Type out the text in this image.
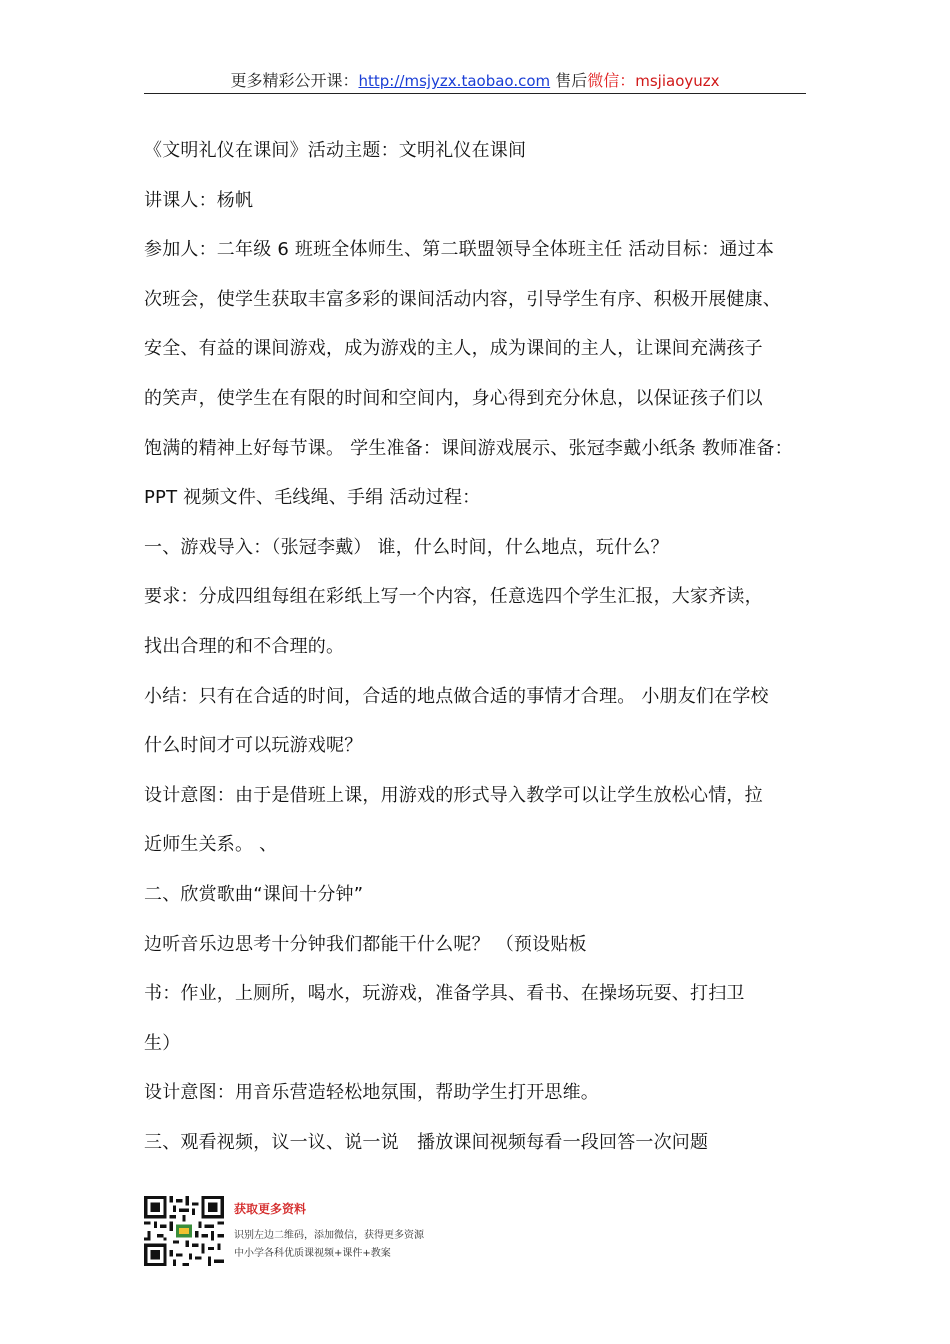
更多精彩公开课：http://msjyzx.taobao.com 售后微信：msjiaoyuzx

《文明礼仪在课间》活动主题：文明礼仪在课间

讲课人：杨帆

参加人：二年级 6 班班全体师生、第二联盟领导全体班主任 活动目标：通过本

次班会，使学生获取丰富多彩的课间活动内容，引导学生有序、积极开展健康、

安全、有益的课间游戏，成为游戏的主人，成为课间的主人，让课间充满孩子

的笑声，使学生在有限的时间和空间内，身心得到充分休息，以保证孩子们以

饱满的精神上好每节课。 学生准备：课间游戏展示、张冠李戴小纸条 教师准备：

PPT 视频文件、毛线绳、手绢 活动过程：

一、游戏导入：（张冠李戴） 谁，什么时间，什么地点，玩什么？

要求：分成四组每组在彩纸上写一个内容，任意选四个学生汇报，大家齐读，

找出合理的和不合理的。

小结：只有在合适的时间，合适的地点做合适的事情才合理。 小朋友们在学校

什么时间才可以玩游戏呢？

设计意图：由于是借班上课，用游戏的形式导入教学可以让学生放松心情，拉

近师生关系。 、

二、欣赏歌曲“课间十分钟”

边听音乐边思考十分钟我们都能干什么呢？ （预设贴板

书：作业，上厕所，喝水，玩游戏，准备学具、看书、在操场玩耍、打扫卫

生）

设计意图：用音乐营造轻松地氛围，帮助学生打开思维。

三、观看视频，议一议、说一说　播放课间视频每看一段回答一次问题

获取更多资料
识别左边二维码，添加微信，获得更多资源
中小学各科优质课视频+课件+教案
